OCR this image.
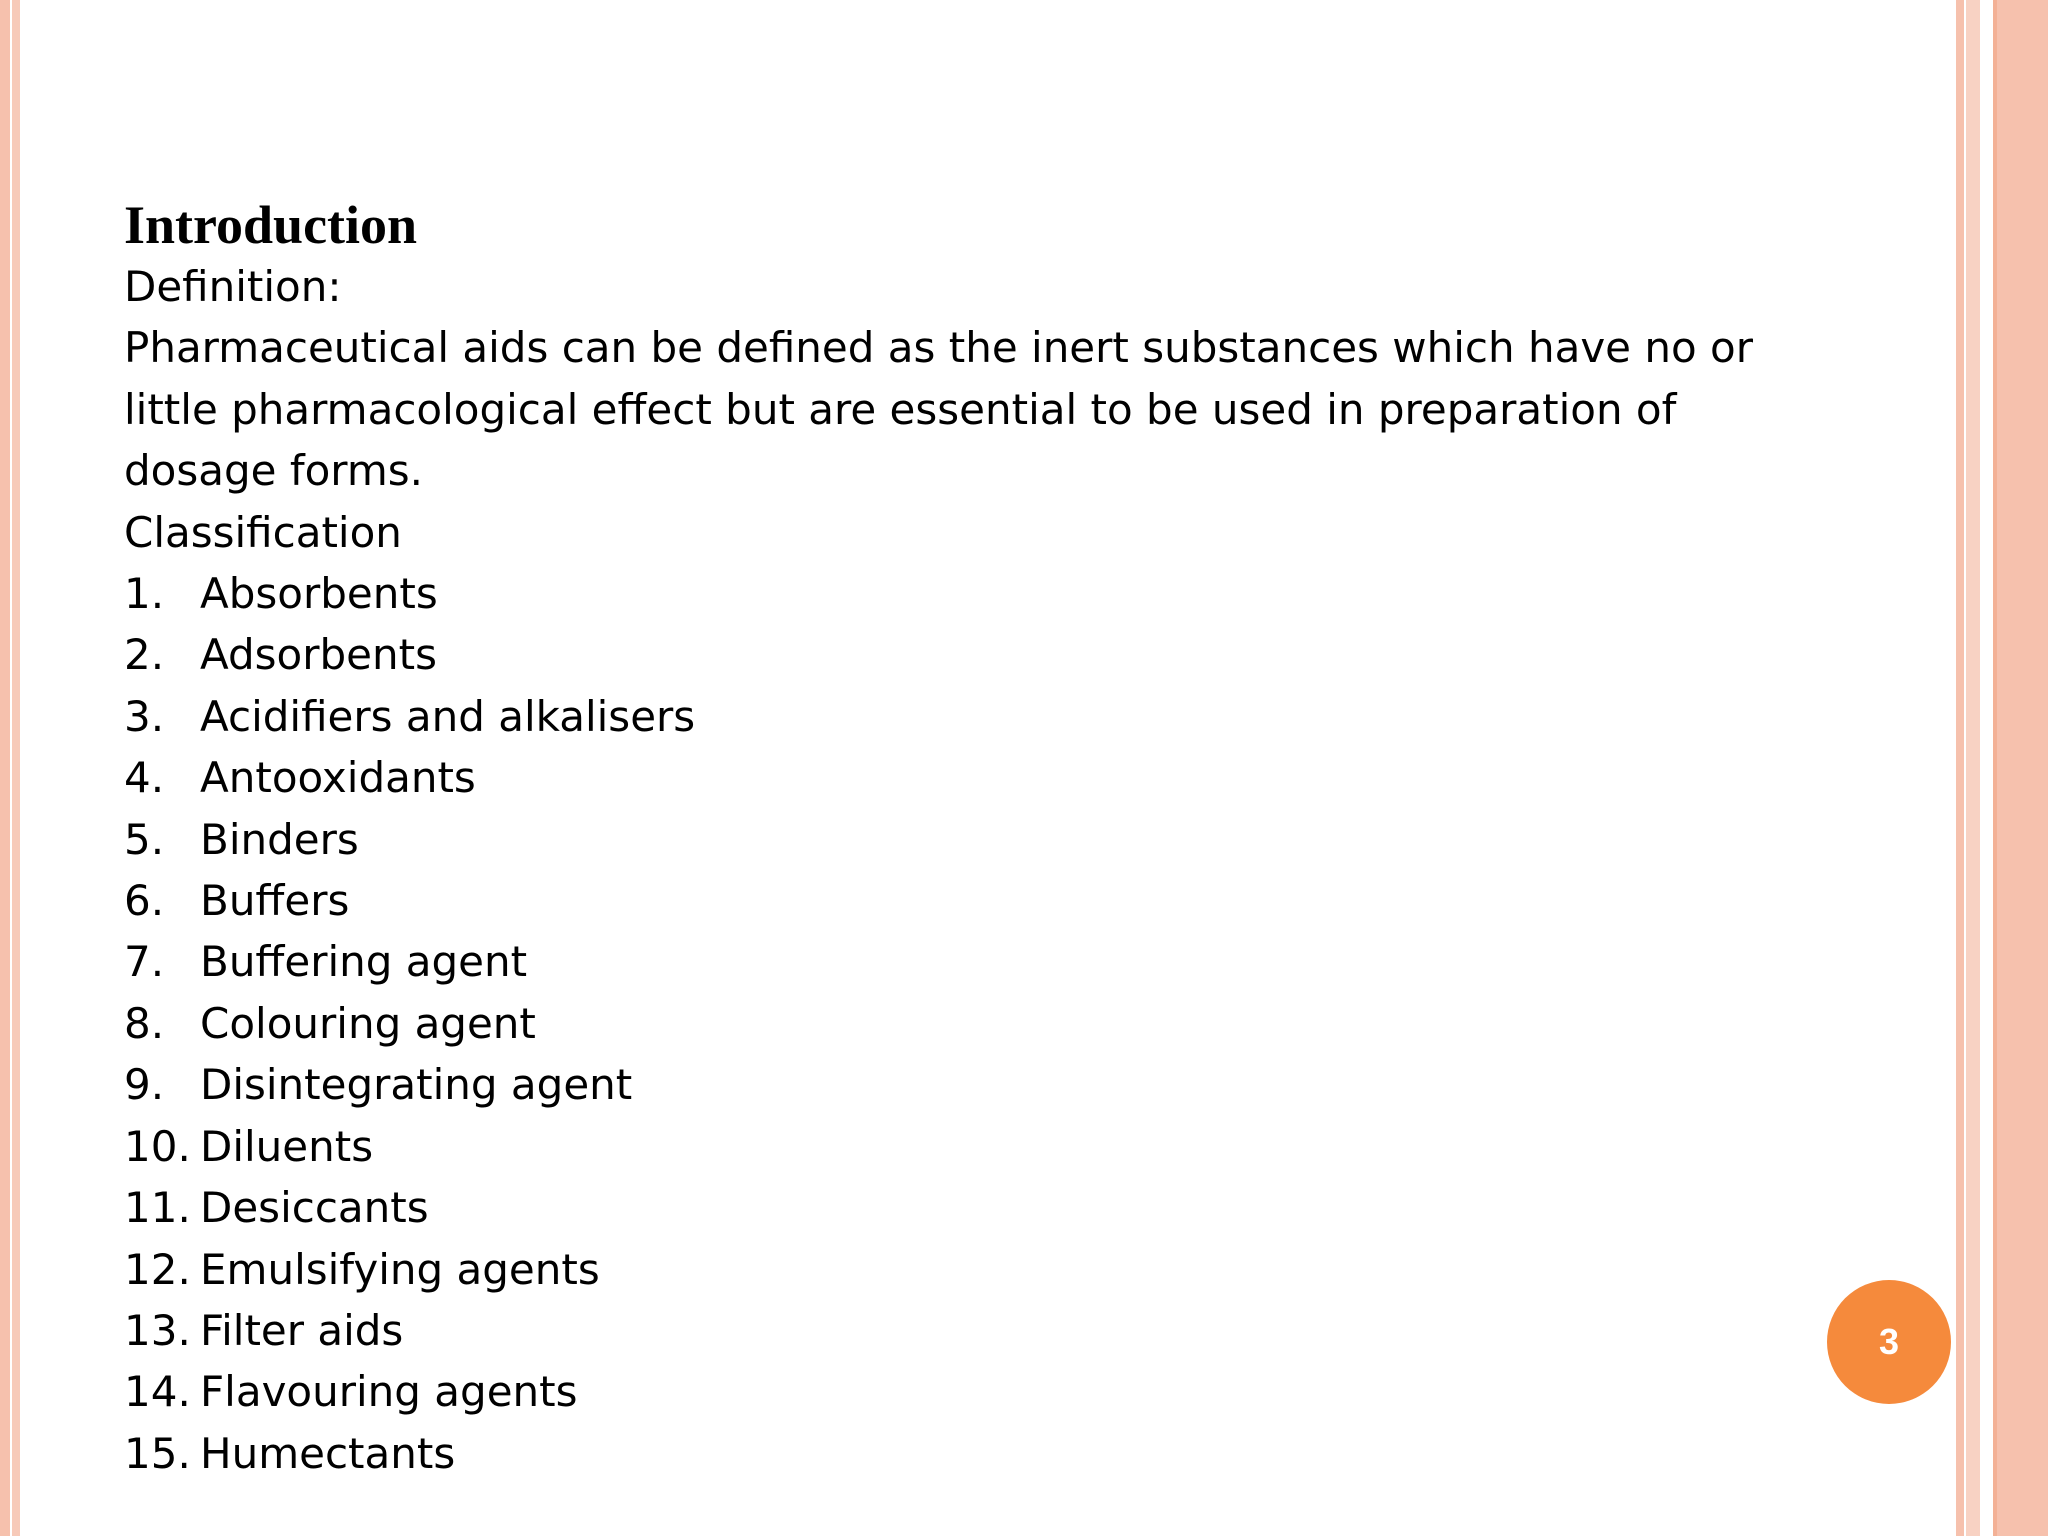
Introduction

Definition:

Pharmaceutical aids can be defined as the inert substances which have no or

little pharmacological effect but are essential to be used in preparation of

dosage forms.

Classification

1. Absorbents

2. Adsorbents

3. Acidifiers and alkalisers

4. Antooxidants

5. Binders

6. Buffers

7. Buffering agent

8. Colouring agent

9. Disintegrating agent

10. Diluents

11. Desiccants

12. Emulsifying agents

13. Filter aids

14. Flavouring agents

15. Humectants

3
